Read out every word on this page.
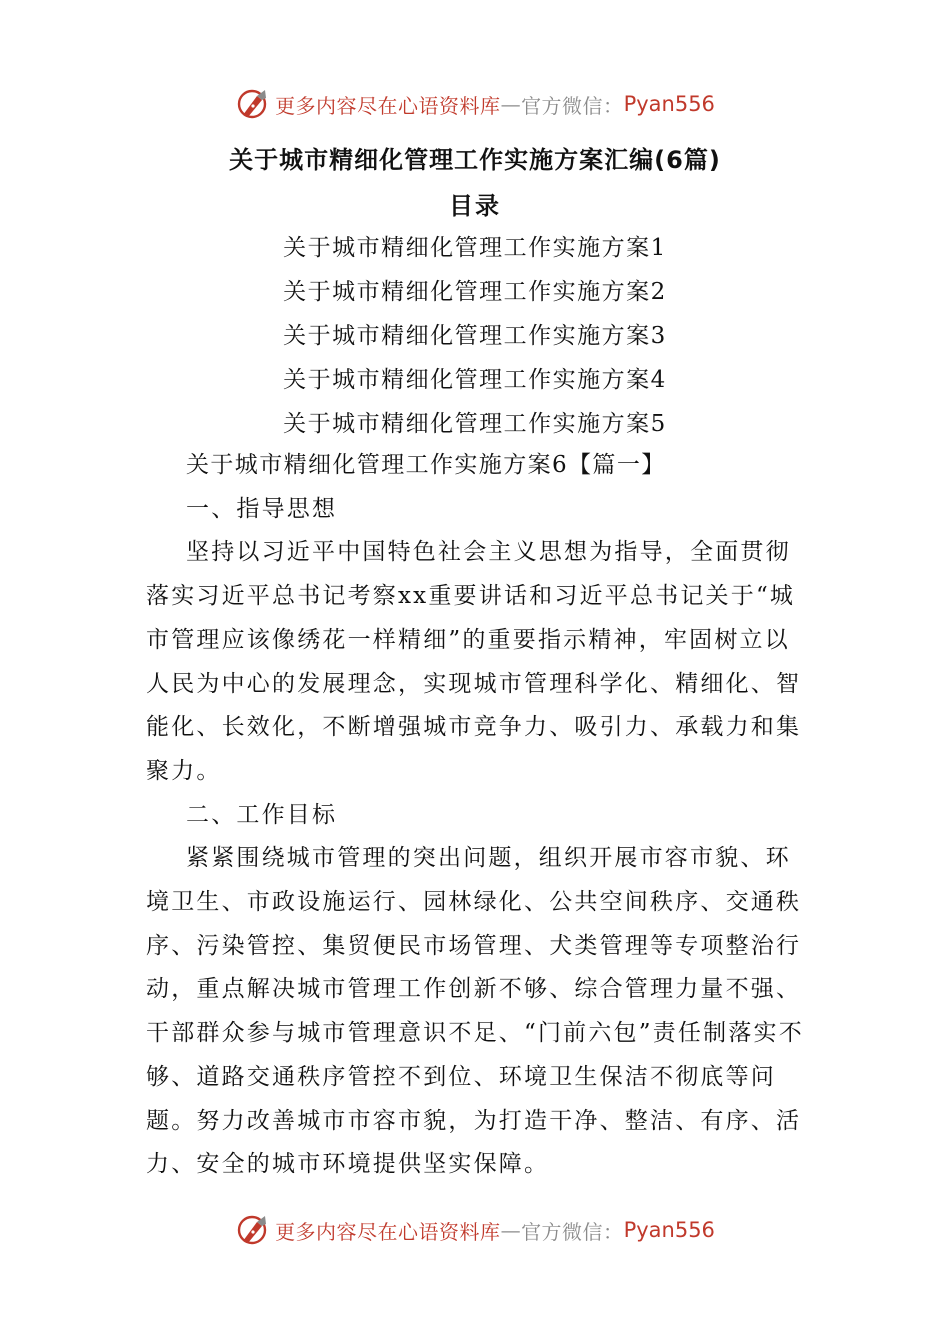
更多内容尽在心语资料库 — 官方微信： Pyan556
关于城市精细化管理工作实施方案汇编(6篇)
目录
关于城市精细化管理工作实施方案1
关于城市精细化管理工作实施方案2
关于城市精细化管理工作实施方案3
关于城市精细化管理工作实施方案4
关于城市精细化管理工作实施方案5

关于城市精细化管理工作实施方案6【篇一】

一、指导思想

坚持以习近平中国特色社会主义思想为指导，全面贯彻落实习近平总书记考察xx重要讲话和习近平总书记关于“城市管理应该像绣花一样精细”的重要指示精神，牢固树立以人民为中心的发展理念，实现城市管理科学化、精细化、智能化、长效化，不断增强城市竞争力、吸引力、承载力和集聚力。

二、工作目标

紧紧围绕城市管理的突出问题，组织开展市容市貌、环境卫生、市政设施运行、园林绿化、公共空间秩序、交通秩序、污染管控、集贸便民市场管理、犬类管理等专项整治行动，重点解决城市管理工作创新不够、综合管理力量不强、干部群众参与城市管理意识不足、“门前六包”责任制落实不够、道路交通秩序管控不到位、环境卫生保洁不彻底等问题。努力改善城市市容市貌，为打造干净、整洁、有序、活力、安全的城市环境提供坚实保障。

更多内容尽在心语资料库 — 官方微信： Pyan556
